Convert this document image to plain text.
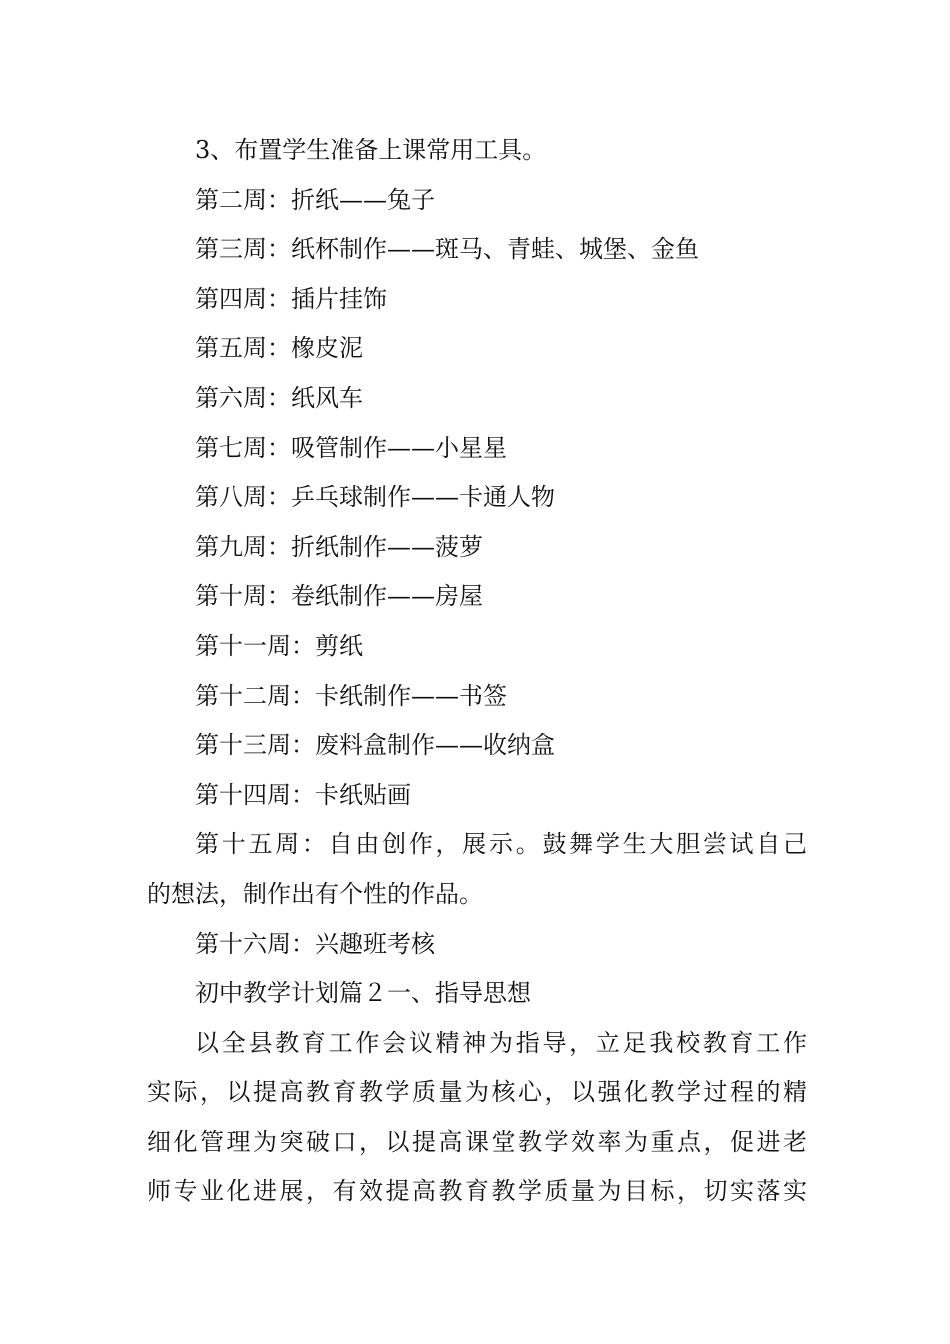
3、布置学生准备上课常用工具。
第二周：折纸——兔子
第三周：纸杯制作——斑马、青蛙、城堡、金鱼
第四周：插片挂饰
第五周：橡皮泥
第六周：纸风车
第七周：吸管制作——小星星
第八周：乒乓球制作——卡通人物
第九周：折纸制作——菠萝
第十周：卷纸制作——房屋
第十一周：剪纸
第十二周：卡纸制作——书签
第十三周：废料盒制作——收纳盒
第十四周：卡纸贴画
第十五周：自由创作，展示。鼓舞学生大胆尝试自己
的想法，制作出有个性的作品。
第十六周：兴趣班考核
初中教学计划篇２一、指导思想
以全县教育工作会议精神为指导，立足我校教育工作
实际，以提高教育教学质量为核心，以强化教学过程的精
细化管理为突破口，以提高课堂教学效率为重点，促进老
师专业化进展，有效提高教育教学质量为目标，切实落实
